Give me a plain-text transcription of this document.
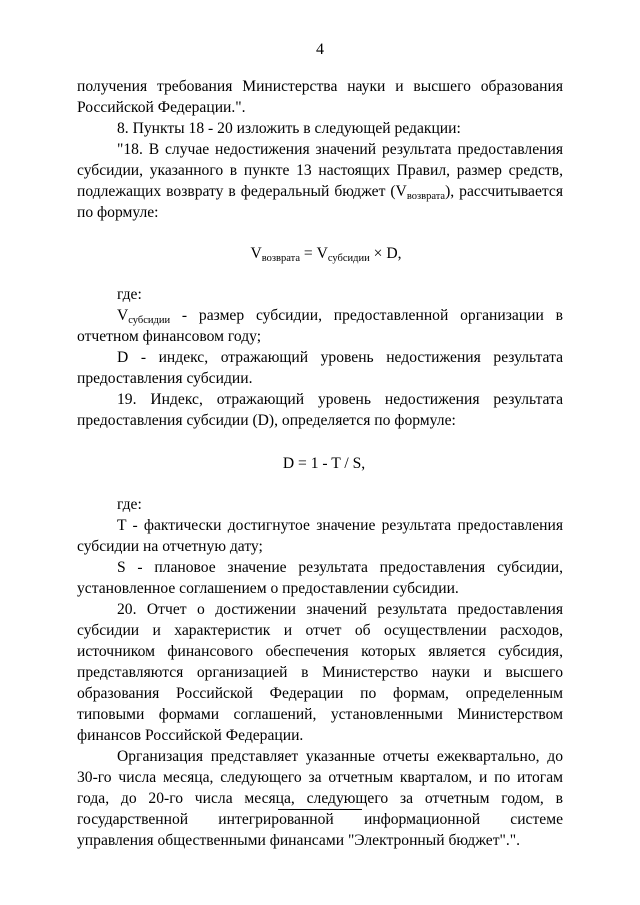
4

получения требования Министерства науки и высшего образования Российской Федерации.".

8. Пункты 18 - 20 изложить в следующей редакции:

"18. В случае недостижения значений результата предоставления субсидии, указанного в пункте 13 настоящих Правил, размер средств, подлежащих возврату в федеральный бюджет (Vвозврата), рассчитывается по формуле:

Vвозврата = Vсубсидии × D,

где:

Vсубсидии - размер субсидии, предоставленной организации в отчетном финансовом году;

D - индекс, отражающий уровень недостижения результата предоставления субсидии.

19. Индекс, отражающий уровень недостижения результата предоставления субсидии (D), определяется по формуле:

D = 1 - T / S,

где:

T - фактически достигнутое значение результата предоставления субсидии на отчетную дату;

S - плановое значение результата предоставления субсидии, установленное соглашением о предоставлении субсидии.

20. Отчет о достижении значений результата предоставления субсидии и характеристик и отчет об осуществлении расходов, источником финансового обеспечения которых является субсидия, представляются организацией в Министерство науки и высшего образования Российской Федерации по формам, определенным типовыми формами соглашений, установленными Министерством финансов Российской Федерации.

Организация представляет указанные отчеты ежеквартально, до 30-го числа месяца, следующего за отчетным кварталом, и по итогам года, до 20-го числа месяца, следующего за отчетным годом, в государственной интегрированной информационной системе управления общественными финансами "Электронный бюджет".".
